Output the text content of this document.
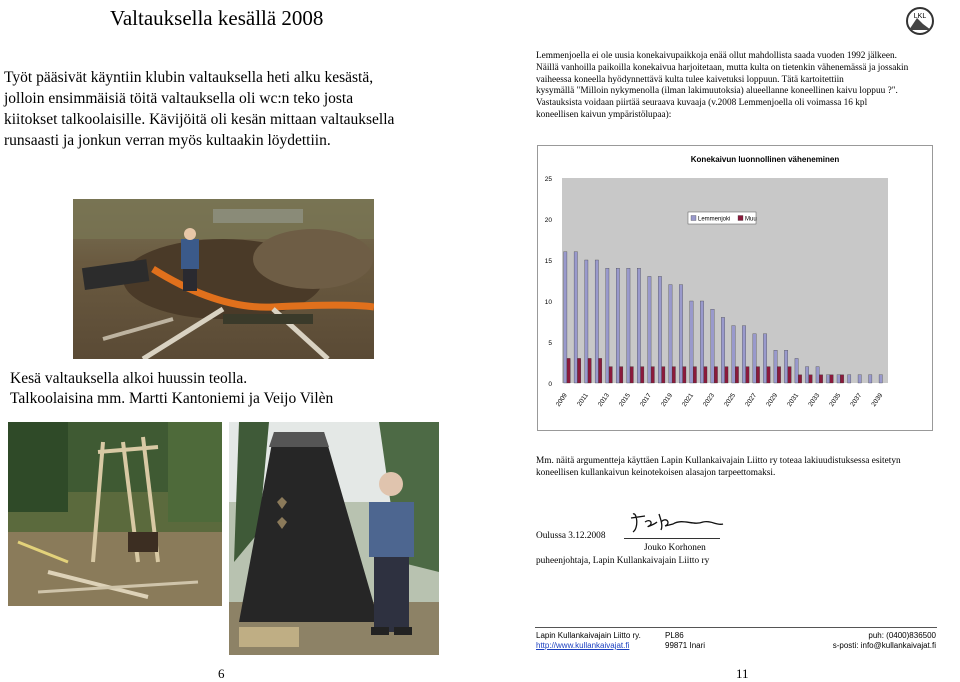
Valtauksella kesällä 2008
Työt pääsivät käyntiin klubin valtauksella heti alku kesästä,
jolloin ensimmäisiä töitä valtauksella oli wc:n teko josta
kiitokset talkoolaisille. Kävijöitä oli kesän mittaan valtauksella
runsaasti ja jonkun verran myös kultaakin löydettiin.
Kesä valtauksella alkoi huussin teolla.
Talkoolaisina mm. Martti Kantoniemi ja Veijo Vilèn
6
LKL
Lemmenjoella ei ole uusia konekaivupaikkoja enää ollut mahdollista saada vuoden 1992 jälkeen.
Näillä vanhoilla paikoilla konekaivua harjoitetaan, mutta kulta on tietenkin vähenemässä ja jossakin
vaiheessa koneella hyödynnettävä kulta tulee kaivetuksi loppuun. Tätä kartoitettiin
kysymällä "Milloin nykymenolla (ilman lakimuutoksia) alueellanne koneellinen kaivu loppuu ?".
Vastauksista voidaan piirtää seuraava kuvaaja (v.2008 Lemmenjoella oli voimassa 16 kpl
koneellisen kaivun ympäristölupaa):
Konekaivun luonnollinen väheneminen
0
5
10
15
20
25
2009 2011 2013 2015 2017 2019 2021 2023 2025 2027 2029 2031 2033 2035 2037 2039
Lemmenjoki Muu
Mm. näitä argumentteja käyttäen Lapin Kullankaivajain Liitto ry toteaa lakiuudistuksessa esitetyn
koneellisen kullankaivun keinotekoisen alasajon tarpeettomaksi.
Oulussa 3.12.2008
Jouko Korhonen
puheenjohtaja, Lapin Kullankaivajain Liitto ry
Lapin Kullankaivajain Liitto ry.
http://www.kullankaivajat.fi
PL86
99871 Inari
puh: (0400)836500
s-posti: info@kullankaivajat.fi
11
